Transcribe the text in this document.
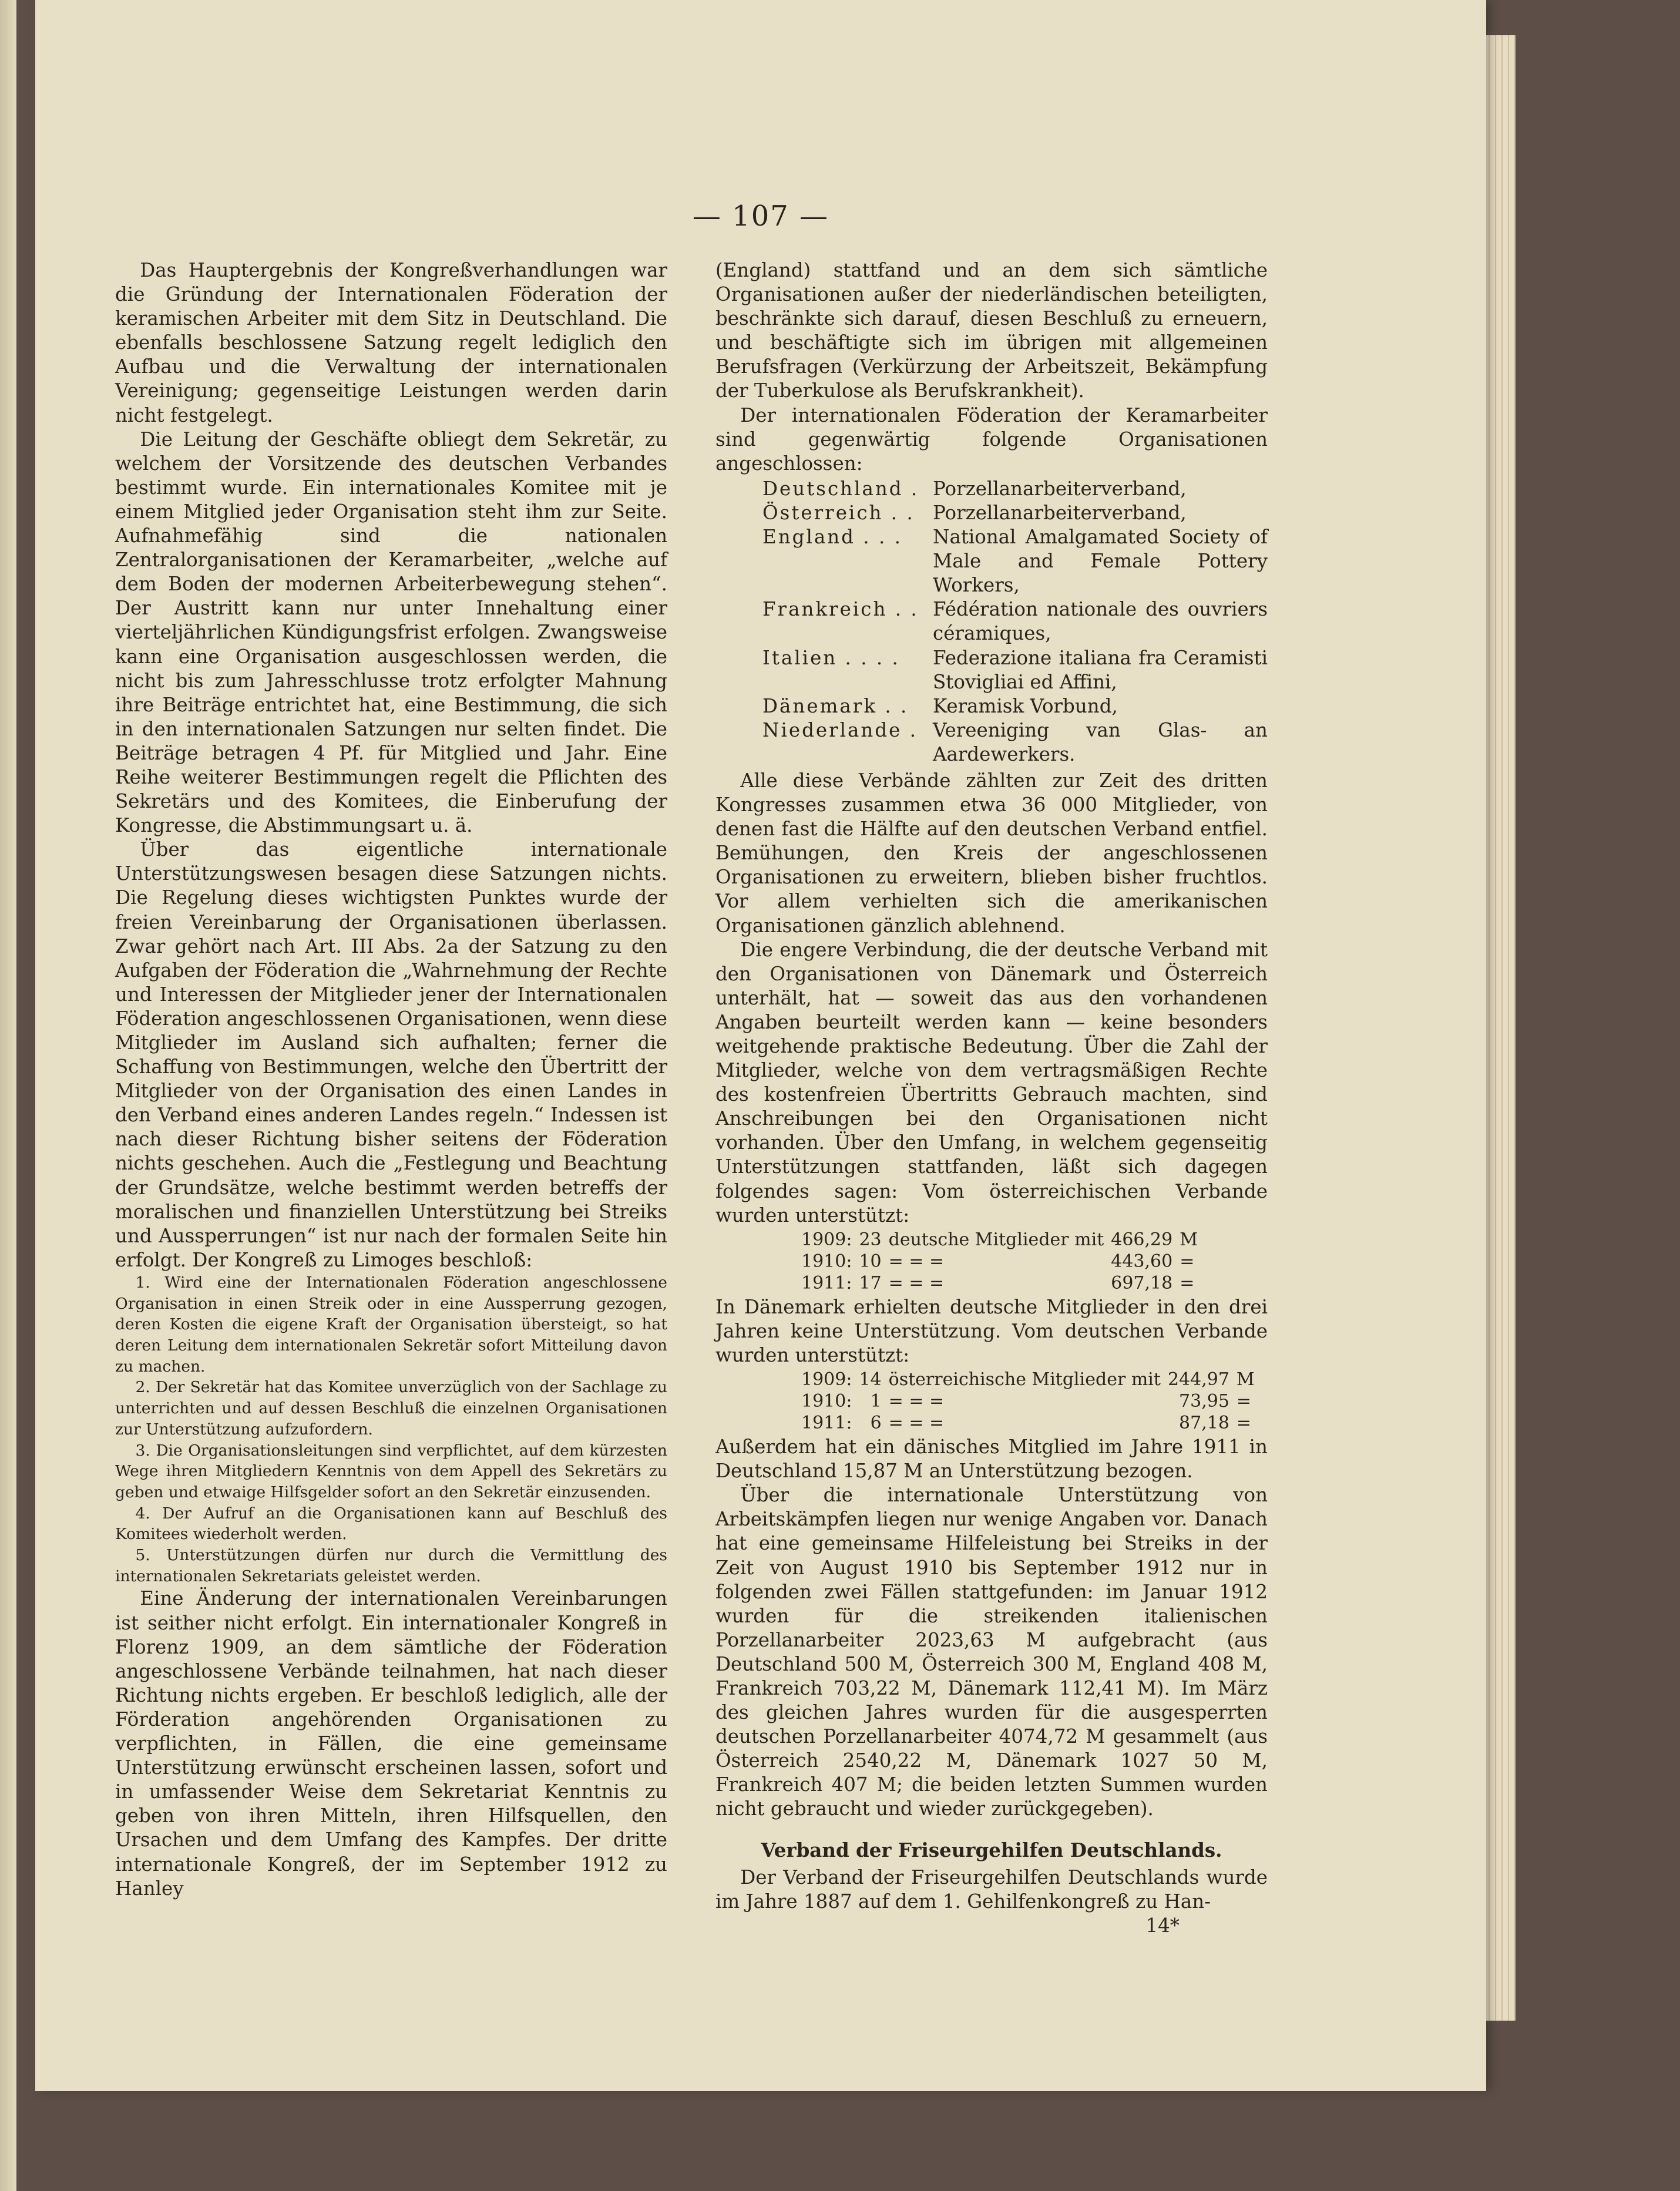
— 107 —

Das Hauptergebnis der Kongreßverhandlungen war die Gründung der Internationalen Föderation der keramischen Arbeiter mit dem Sitz in Deutschland. Die ebenfalls beschlossene Satzung regelt lediglich den Aufbau und die Verwaltung der internationalen Vereinigung; gegenseitige Leistungen werden darin nicht festgelegt.

Die Leitung der Geschäfte obliegt dem Sekretär, zu welchem der Vorsitzende des deutschen Verbandes bestimmt wurde. Ein internationales Komitee mit je einem Mitglied jeder Organisation steht ihm zur Seite. Aufnahmefähig sind die nationalen Zentralorganisationen der Keramarbeiter, „welche auf dem Boden der modernen Arbeiterbewegung stehen“. Der Austritt kann nur unter Innehaltung einer vierteljährlichen Kündigungsfrist erfolgen. Zwangsweise kann eine Organisation ausgeschlossen werden, die nicht bis zum Jahresschlusse trotz erfolgter Mahnung ihre Beiträge entrichtet hat, eine Bestimmung, die sich in den internationalen Satzungen nur selten findet. Die Beiträge betragen 4 Pf. für Mitglied und Jahr. Eine Reihe weiterer Bestimmungen regelt die Pflichten des Sekretärs und des Komitees, die Einberufung der Kongresse, die Abstimmungsart u. ä.

Über das eigentliche internationale Unterstützungswesen besagen diese Satzungen nichts. Die Regelung dieses wichtigsten Punktes wurde der freien Vereinbarung der Organisationen überlassen. Zwar gehört nach Art. III Abs. 2a der Satzung zu den Aufgaben der Föderation die „Wahrnehmung der Rechte und Interessen der Mitglieder jener der Internationalen Föderation angeschlossenen Organisationen, wenn diese Mitglieder im Ausland sich aufhalten; ferner die Schaffung von Bestimmungen, welche den Übertritt der Mitglieder von der Organisation des einen Landes in den Verband eines anderen Landes regeln.“ Indessen ist nach dieser Richtung bisher seitens der Föderation nichts geschehen. Auch die „Festlegung und Beachtung der Grundsätze, welche bestimmt werden betreffs der moralischen und finanziellen Unterstützung bei Streiks und Aussperrungen“ ist nur nach der formalen Seite hin erfolgt. Der Kongreß zu Limoges beschloß:

1. Wird eine der Internationalen Föderation angeschlossene Organisation in einen Streik oder in eine Aussperrung gezogen, deren Kosten die eigene Kraft der Organisation übersteigt, so hat deren Leitung dem internationalen Sekretär sofort Mitteilung davon zu machen.

2. Der Sekretär hat das Komitee unverzüglich von der Sachlage zu unterrichten und auf dessen Beschluß die einzelnen Organisationen zur Unterstützung aufzufordern.

3. Die Organisationsleitungen sind verpflichtet, auf dem kürzesten Wege ihren Mitgliedern Kenntnis von dem Appell des Sekretärs zu geben und etwaige Hilfsgelder sofort an den Sekretär einzusenden.

4. Der Aufruf an die Organisationen kann auf Beschluß des Komitees wiederholt werden.

5. Unterstützungen dürfen nur durch die Vermittlung des internationalen Sekretariats geleistet werden.

Eine Änderung der internationalen Vereinbarungen ist seither nicht erfolgt. Ein internationaler Kongreß in Florenz 1909, an dem sämtliche der Föderation angeschlossene Verbände teilnahmen, hat nach dieser Richtung nichts ergeben. Er beschloß lediglich, alle der Förderation angehörenden Organisationen zu verpflichten, in Fällen, die eine gemeinsame Unterstützung erwünscht erscheinen lassen, sofort und in umfassender Weise dem Sekretariat Kenntnis zu geben von ihren Mitteln, ihren Hilfsquellen, den Ursachen und dem Umfang des Kampfes. Der dritte internationale Kongreß, der im September 1912 zu Hanley

(England) stattfand und an dem sich sämtliche Organisationen außer der niederländischen beteiligten, beschränkte sich darauf, diesen Beschluß zu erneuern, und beschäftigte sich im übrigen mit allgemeinen Berufsfragen (Verkürzung der Arbeitszeit, Bekämpfung der Tuberkulose als Berufskrankheit).

Der internationalen Föderation der Keramarbeiter sind gegenwärtig folgende Organisationen angeschlossen:

Deutschland .	Porzellanarbeiterverband,
Österreich . .	Porzellanarbeiterverband,
England . . .	National Amalgamated Society of Male and Female Pottery Workers,
Frankreich . .	Fédération nationale des ouvriers céramiques,
Italien . . . .	Federazione italiana fra Ceramisti Stovigliai ed Affini,
Dänemark . .	Keramisk Vorbund,
Niederlande .	Vereeniging van Glas- an Aardewerkers.

Alle diese Verbände zählten zur Zeit des dritten Kongresses zusammen etwa 36 000 Mitglieder, von denen fast die Hälfte auf den deutschen Verband entfiel. Bemühungen, den Kreis der angeschlossenen Organisationen zu erweitern, blieben bisher fruchtlos. Vor allem verhielten sich die amerikanischen Organisationen gänzlich ablehnend.

Die engere Verbindung, die der deutsche Verband mit den Organisationen von Dänemark und Österreich unterhält, hat — soweit das aus den vorhandenen Angaben beurteilt werden kann — keine besonders weitgehende praktische Bedeutung. Über die Zahl der Mitglieder, welche von dem vertragsmäßigen Rechte des kostenfreien Übertritts Gebrauch machten, sind Anschreibungen bei den Organisationen nicht vorhanden. Über den Umfang, in welchem gegenseitig Unterstützungen stattfanden, läßt sich dagegen folgendes sagen: Vom österreichischen Verbande wurden unterstützt:

1909:	23	deutsche Mitglieder mit	466,29	M
1910:	10	= = =	443,60	=
1911:	17	= = =	697,18	=

In Dänemark erhielten deutsche Mitglieder in den drei Jahren keine Unterstützung. Vom deutschen Verbande wurden unterstützt:

1909:	14	österreichische Mitglieder mit	244,97	M
1910:	1	= = =	73,95	=
1911:	6	= = =	87,18	=

Außerdem hat ein dänisches Mitglied im Jahre 1911 in Deutschland 15,87 M an Unterstützung bezogen.

Über die internationale Unterstützung von Arbeitskämpfen liegen nur wenige Angaben vor. Danach hat eine gemeinsame Hilfeleistung bei Streiks in der Zeit von August 1910 bis September 1912 nur in folgenden zwei Fällen stattgefunden: im Januar 1912 wurden für die streikenden italienischen Porzellanarbeiter 2023,63 M aufgebracht (aus Deutschland 500 M, Österreich 300 M, England 408 M, Frankreich 703,22 M, Dänemark 112,41 M). Im März des gleichen Jahres wurden für die ausgesperrten deutschen Porzellanarbeiter 4074,72 M gesammelt (aus Österreich 2540,22 M, Dänemark 1027 50 M, Frankreich 407 M; die beiden letzten Summen wurden nicht gebraucht und wieder zurückgegeben).

Verband der Friseurgehilfen Deutschlands.

Der Verband der Friseurgehilfen Deutschlands wurde im Jahre 1887 auf dem 1. Gehilfenkongreß zu Han-

14*
